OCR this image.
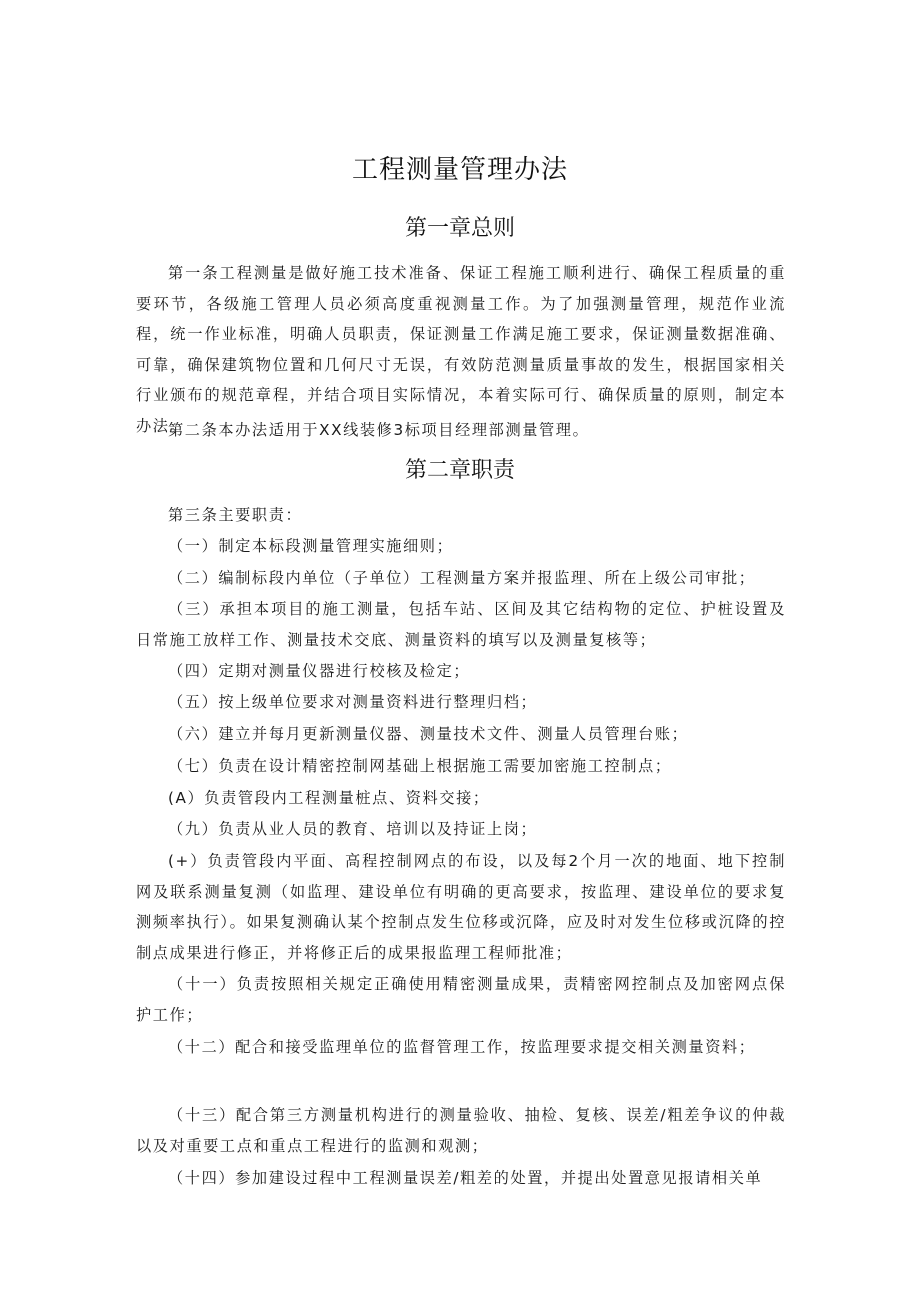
工程测量管理办法
第一章总则

第一条工程测量是做好施工技术准备、保证工程施工顺利进行、确保工程质量的重要环节，各级施工管理人员必须高度重视测量工作。为了加强测量管理，规范作业流程，统一作业标准，明确人员职责，保证测量工作满足施工要求，保证测量数据准确、可靠，确保建筑物位置和几何尺寸无误，有效防范测量质量事故的发生，根据国家相关行业颁布的规范章程，并结合项目实际情况，本着实际可行、确保质量的原则，制定本办法。

第二条本办法适用于XX线装修3标项目经理部测量管理。

第二章职责

第三条主要职责：

（一）制定本标段测量管理实施细则；

（二）编制标段内单位（子单位）工程测量方案并报监理、所在上级公司审批；

（三）承担本项目的施工测量，包括车站、区间及其它结构物的定位、护桩设置及日常施工放样工作、测量技术交底、测量资料的填写以及测量复核等；

（四）定期对测量仪器进行校核及检定；

（五）按上级单位要求对测量资料进行整理归档；

（六）建立并每月更新测量仪器、测量技术文件、测量人员管理台账；

（七）负责在设计精密控制网基础上根据施工需要加密施工控制点；

(A）负责管段内工程测量桩点、资料交接；

（九）负责从业人员的教育、培训以及持证上岗；

(+）负责管段内平面、高程控制网点的布设，以及每2个月一次的地面、地下控制网及联系测量复测（如监理、建设单位有明确的更高要求，按监理、建设单位的要求复测频率执行）。如果复测确认某个控制点发生位移或沉降，应及时对发生位移或沉降的控制点成果进行修正，并将修正后的成果报监理工程师批准；

（十一）负责按照相关规定正确使用精密测量成果，责精密网控制点及加密网点保护工作；

（十二）配合和接受监理单位的监督管理工作，按监理要求提交相关测量资料；

（十三）配合第三方测量机构进行的测量验收、抽检、复核、误差/粗差争议的仲裁以及对重要工点和重点工程进行的监测和观测；

（十四）参加建设过程中工程测量误差/粗差的处置，并提出处置意见报请相关单
